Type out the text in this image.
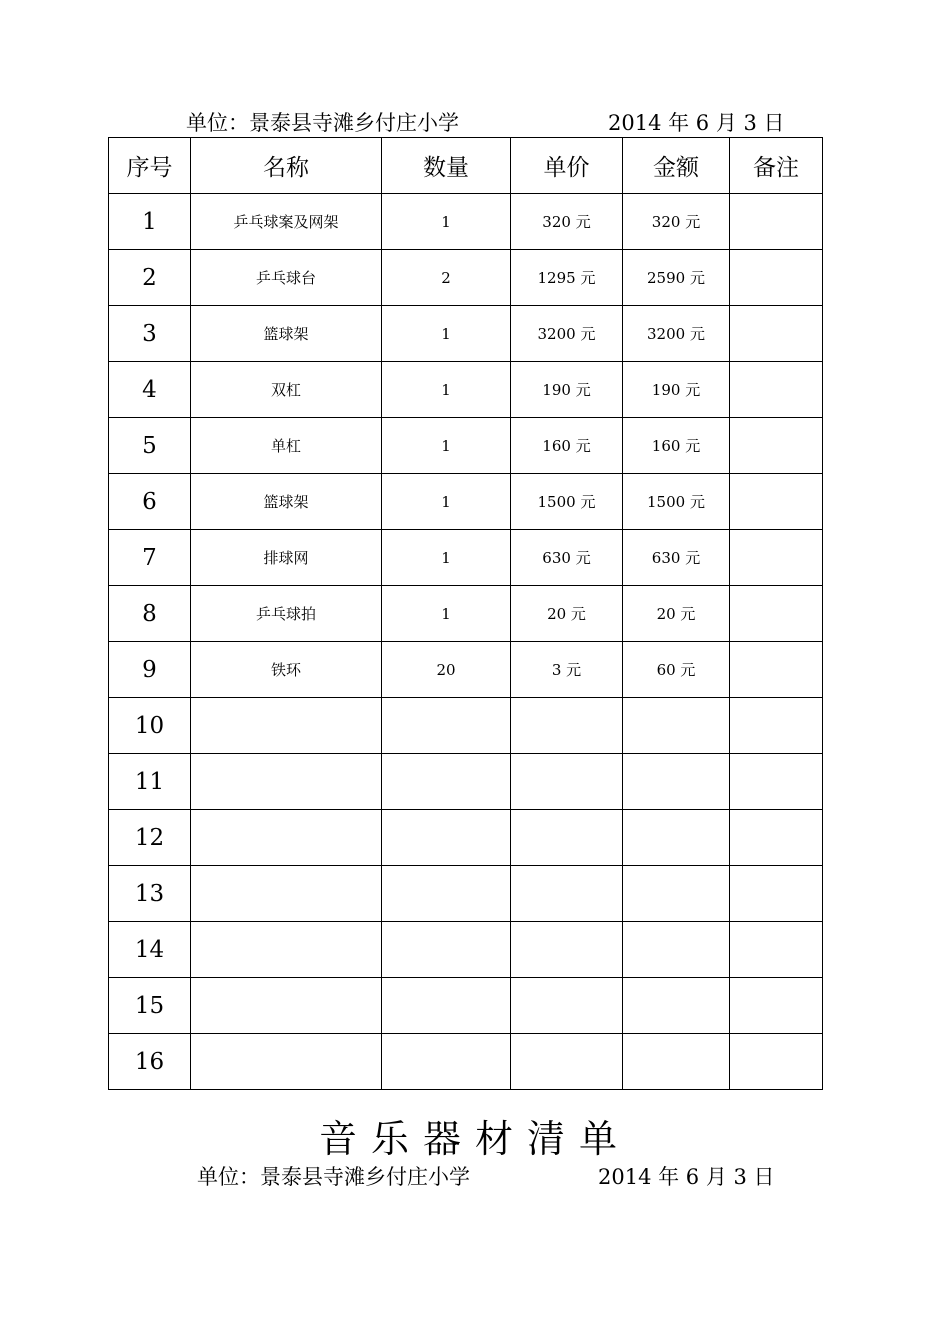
单位：景泰县寺滩乡付庄小学	2014 年 6 月 3 日
序号	名称	数量	单价	金额	备注
1	乒乓球案及网架	1	320 元	320 元	
2	乒乓球台	2	1295 元	2590 元	
3	篮球架	1	3200 元	3200 元	
4	双杠	1	190 元	190 元	
5	单杠	1	160 元	160 元	
6	篮球架	1	1500 元	1500 元	
7	排球网	1	630 元	630 元	
8	乒乓球拍	1	20 元	20 元	
9	铁环	20	3 元	60 元	
10					
11					
12					
13					
14					
15					
16					
音乐器材清单
单位：景泰县寺滩乡付庄小学	2014 年 6 月 3 日
